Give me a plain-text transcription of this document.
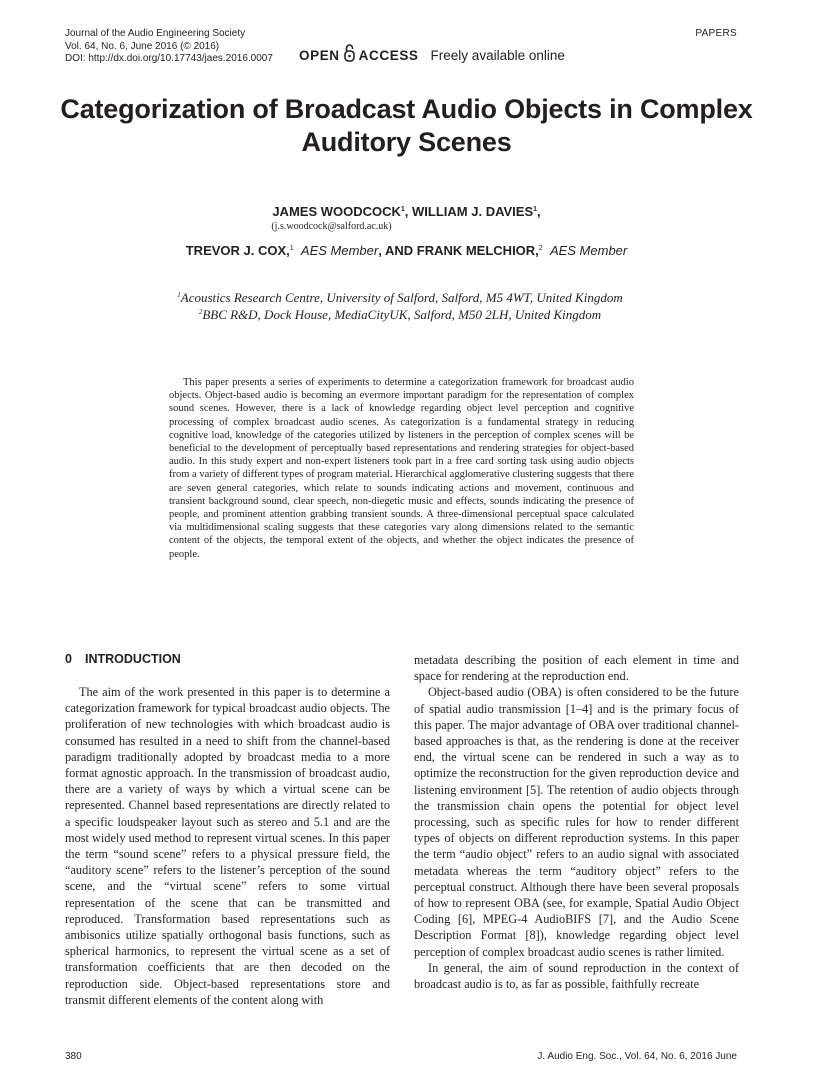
Journal of the Audio Engineering Society
Vol. 64, No. 6, June 2016 (© 2016)
DOI: http://dx.doi.org/10.17743/jaes.2016.0007
PAPERS
OPEN ACCESS Freely available online
Categorization of Broadcast Audio Objects in Complex Auditory Scenes
JAMES WOODCOCK$^1$, WILLIAM J. DAVIES$^1$,
(j.s.woodcock@salford.ac.uk)
TREVOR J. COX,$^1$ AES Member, AND FRANK MELCHIOR,$^2$ AES Member
$^1$Acoustics Research Centre, University of Salford, Salford, M5 4WT, United Kingdom
$^2$BBC R&D, Dock House, MediaCityUK, Salford, M50 2LH, United Kingdom

This paper presents a series of experiments to determine a categorization framework for broadcast audio objects. Object-based audio is becoming an evermore important paradigm for the representation of complex sound scenes. However, there is a lack of knowledge regarding object level perception and cognitive processing of complex broadcast audio scenes. As categorization is a fundamental strategy in reducing cognitive load, knowledge of the categories utilized by listeners in the perception of complex scenes will be beneficial to the development of perceptually based representations and rendering strategies for object-based audio. In this study expert and non-expert listeners took part in a free card sorting task using audio objects from a variety of different types of program material. Hierarchical agglomerative clustering suggests that there are seven general categories, which relate to sounds indicating actions and movement, continuous and transient background sound, clear speech, non-diegetic music and effects, sounds indicating the presence of people, and prominent attention grabbing transient sounds. A three-dimensional perceptual space calculated via multidimensional scaling suggests that these categories vary along dimensions related to the semantic content of the objects, the temporal extent of the objects, and whether the object indicates the presence of people.

0 INTRODUCTION

The aim of the work presented in this paper is to determine a categorization framework for typical broadcast audio objects. The proliferation of new technologies with which broadcast audio is consumed has resulted in a need to shift from the channel-based paradigm traditionally adopted by broadcast media to a more format agnostic approach. In the transmission of broadcast audio, there are a variety of ways by which a virtual scene can be represented. Channel based representations are directly related to a specific loudspeaker layout such as stereo and 5.1 and are the most widely used method to represent virtual scenes. In this paper the term “sound scene” refers to a physical pressure field, the “auditory scene” refers to the listener’s perception of the sound scene, and the “virtual scene” refers to some virtual representation of the scene that can be transmitted and reproduced. Transformation based representations such as ambisonics utilize spatially orthogonal basis functions, such as spherical harmonics, to represent the virtual scene as a set of transformation coefficients that are then decoded on the reproduction side. Object-based representations store and transmit different elements of the content along with

metadata describing the position of each element in time and space for rendering at the reproduction end.

Object-based audio (OBA) is often considered to be the future of spatial audio transmission [1–4] and is the primary focus of this paper. The major advantage of OBA over traditional channel-based approaches is that, as the rendering is done at the receiver end, the virtual scene can be rendered in such a way as to optimize the reconstruction for the given reproduction device and listening environment [5]. The retention of audio objects through the transmission chain opens the potential for object level processing, such as specific rules for how to render different types of objects on different reproduction systems. In this paper the term “audio object” refers to an audio signal with associated metadata whereas the term “auditory object” refers to the perceptual construct. Although there have been several proposals of how to represent OBA (see, for example, Spatial Audio Object Coding [6], MPEG-4 AudioBIFS [7], and the Audio Scene Description Format [8]), knowledge regarding object level perception of complex broadcast audio scenes is rather limited.

In general, the aim of sound reproduction in the context of broadcast audio is to, as far as possible, faithfully recreate

380	J. Audio Eng. Soc., Vol. 64, No. 6, 2016 June
